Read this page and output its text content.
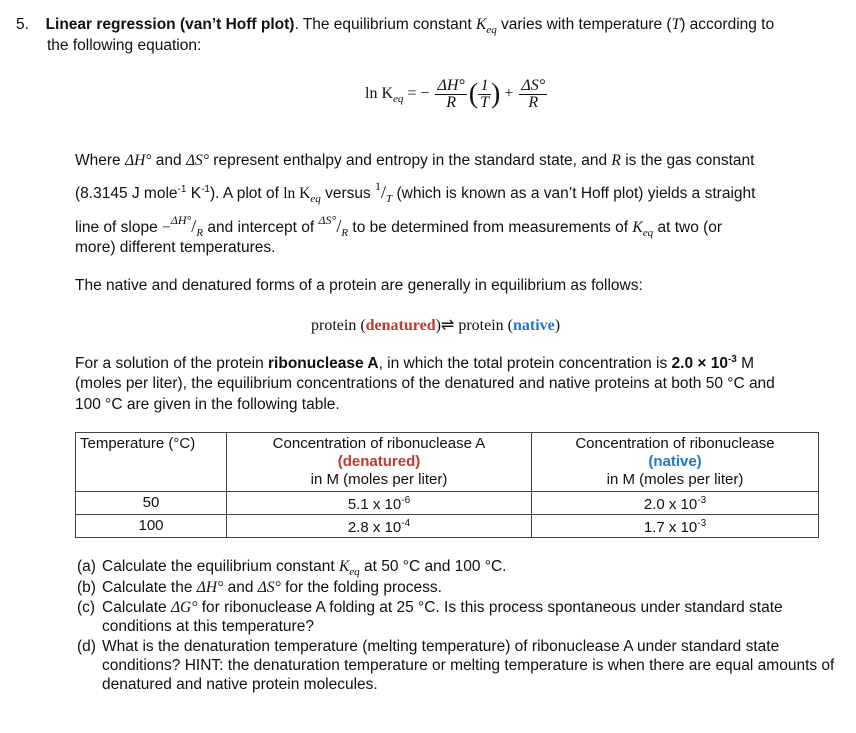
5. Linear regression (van’t Hoff plot). The equilibrium constant $K_{eq}$ varies with temperature (T) according to
the following equation:
$\ln K_{eq}$ = − $\frac{\Delta H^\circ}{R}$ ( $\frac{1}{T}$ ) + $\frac{\Delta S^\circ}{R}$
Where ΔH° and ΔS° represent enthalpy and entropy in the standard state, and R is the gas constant
(8.3145 J mole$^{-1}$ $K^{-1}$). A plot of $\ln K_{eq}$ versus $^1/_T$ (which is known as a van’t Hoff plot) yields a straight
line of slope $-^{\Delta H^\circ}/_R$ and intercept of $^{\Delta S^\circ}/_R$ to be determined from measurements of $K_{eq}$ at two (or
more) different temperatures.
The native and denatured forms of a protein are generally in equilibrium as follows:
protein (denatured)⇌ protein (native)
For a solution of the protein ribonuclease A, in which the total protein concentration is $2.0 \times 10^{-3}$ M
(moles per liter), the equilibrium concentrations of the denatured and native proteins at both 50 °C and
100 °C are given in the following table.
Temperature (°C)	Concentration of ribonuclease A
(denatured)
in M (moles per liter)	Concentration of ribonuclease
(native)
in M (moles per liter)
50	5.1 x $10^{-6}$	2.0 x $10^{-3}$
100	2.8 x $10^{-4}$	1.7 x $10^{-3}$
(a) Calculate the equilibrium constant $K_{eq}$ at 50 °C and 100 °C.
(b) Calculate the ΔH° and ΔS° for the folding process.
(c) Calculate ΔG° for ribonuclease A folding at 25 °C. Is this process spontaneous under standard state conditions at this temperature?
(d) What is the denaturation temperature (melting temperature) of ribonuclease A under standard state conditions? HINT: the denaturation temperature or melting temperature is when there are equal amounts of denatured and native protein molecules.
